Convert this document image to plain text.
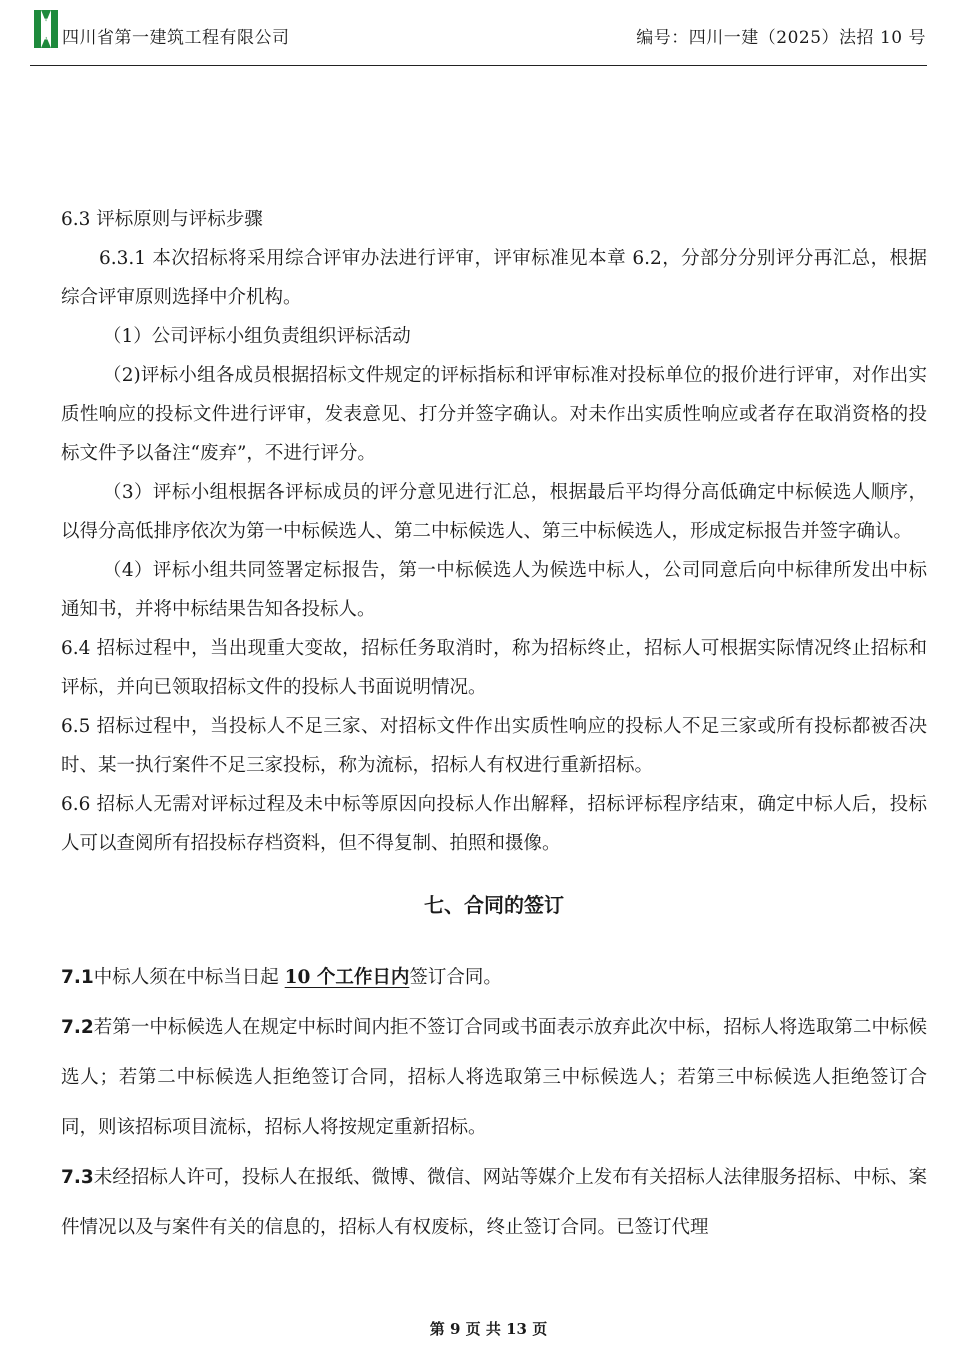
HUASHI 四川省第一建筑工程有限公司	编号：四川一建（2025）法招 10 号

6.3 评标原则与评标步骤

6.3.1 本次招标将采用综合评审办法进行评审，评审标准见本章 6.2，分部分分别评分再汇总，根据综合评审原则选择中介机构。

（1）公司评标小组负责组织评标活动

（2)评标小组各成员根据招标文件规定的评标指标和评审标准对投标单位的报价进行评审，对作出实质性响应的投标文件进行评审，发表意见、打分并签字确认。对未作出实质性响应或者存在取消资格的投标文件予以备注“废弃”，不进行评分。

（3）评标小组根据各评标成员的评分意见进行汇总，根据最后平均得分高低确定中标候选人顺序，以得分高低排序依次为第一中标候选人、第二中标候选人、第三中标候选人，形成定标报告并签字确认。

（4）评标小组共同签署定标报告，第一中标候选人为候选中标人，公司同意后向中标律所发出中标通知书，并将中标结果告知各投标人。

6.4 招标过程中，当出现重大变故，招标任务取消时，称为招标终止，招标人可根据实际情况终止招标和评标，并向已领取招标文件的投标人书面说明情况。

6.5 招标过程中，当投标人不足三家、对招标文件作出实质性响应的投标人不足三家或所有投标都被否决时、某一执行案件不足三家投标，称为流标，招标人有权进行重新招标。

6.6 招标人无需对评标过程及未中标等原因向投标人作出解释，招标评标程序结束，确定中标人后，投标人可以查阅所有招投标存档资料，但不得复制、拍照和摄像。

七、合同的签订

7.1中标人须在中标当日起 10 个工作日内签订合同。

7.2若第一中标候选人在规定中标时间内拒不签订合同或书面表示放弃此次中标，招标人将选取第二中标候选人；若第二中标候选人拒绝签订合同，招标人将选取第三中标候选人；若第三中标候选人拒绝签订合同，则该招标项目流标，招标人将按规定重新招标。

7.3未经招标人许可，投标人在报纸、微博、微信、网站等媒介上发布有关招标人法律服务招标、中标、案件情况以及与案件有关的信息的，招标人有权废标，终止签订合同。已签订代理

第 9 页 共 13 页
